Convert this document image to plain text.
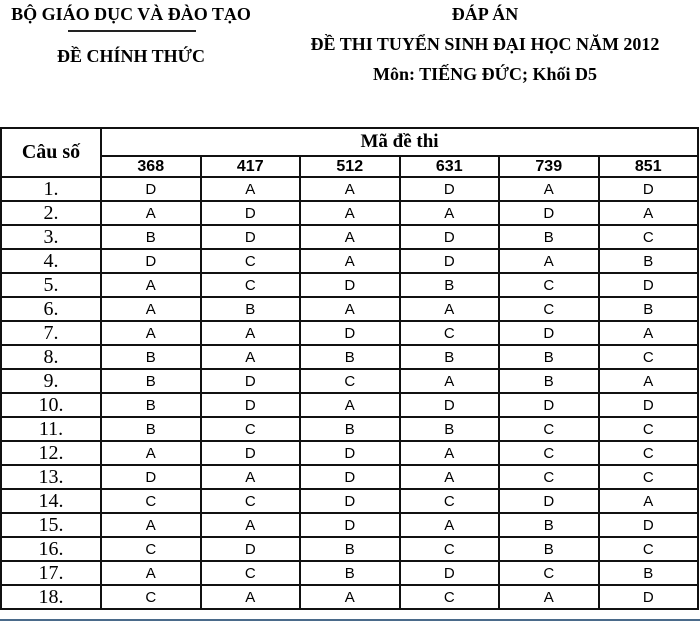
BỘ GIÁO DỤC VÀ ĐÀO TẠO
ĐỀ CHÍNH THỨC
ĐÁP ÁN
ĐỀ THI TUYỂN SINH ĐẠI HỌC NĂM 2012
Môn: TIẾNG ĐỨC; Khối D5
Câu số	Mã đề thi					
	368	417	512	631	739	851
1.	D	A	A	D	A	D
2.	A	D	A	A	D	A
3.	B	D	A	D	B	C
4.	D	C	A	D	A	B
5.	A	C	D	B	C	D
6.	A	B	A	A	C	B
7.	A	A	D	C	D	A
8.	B	A	B	B	B	C
9.	B	D	C	A	B	A
10.	B	D	A	D	D	D
11.	B	C	B	B	C	C
12.	A	D	D	A	C	C
13.	D	A	D	A	C	C
14.	C	C	D	C	D	A
15.	A	A	D	A	B	D
16.	C	D	B	C	B	C
17.	A	C	B	D	C	B
18.	C	A	A	C	A	D
